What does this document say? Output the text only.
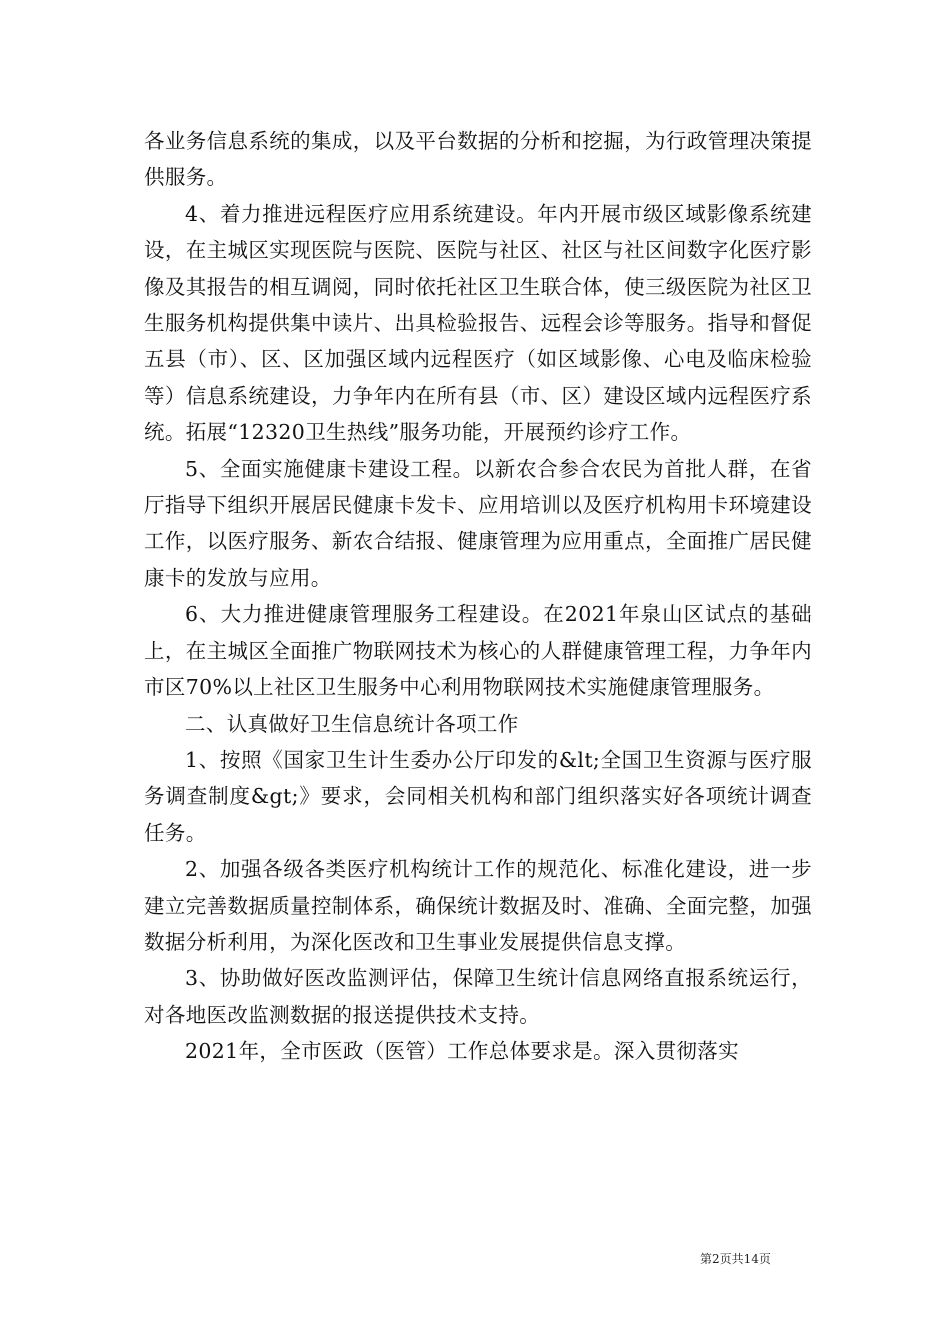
各业务信息系统的集成，以及平台数据的分析和挖掘，为行政管理决策提供服务。

4、着力推进远程医疗应用系统建设。年内开展市级区域影像系统建设，在主城区实现医院与医院、医院与社区、社区与社区间数字化医疗影像及其报告的相互调阅，同时依托社区卫生联合体，使三级医院为社区卫生服务机构提供集中读片、出具检验报告、远程会诊等服务。指导和督促五县（市）、区、区加强区域内远程医疗（如区域影像、心电及临床检验等）信息系统建设，力争年内在所有县（市、区）建设区域内远程医疗系统。拓展“12320卫生热线”服务功能，开展预约诊疗工作。

5、全面实施健康卡建设工程。以新农合参合农民为首批人群，在省厅指导下组织开展居民健康卡发卡、应用培训以及医疗机构用卡环境建设工作，以医疗服务、新农合结报、健康管理为应用重点，全面推广居民健康卡的发放与应用。

6、大力推进健康管理服务工程建设。在2021年泉山区试点的基础上，在主城区全面推广物联网技术为核心的人群健康管理工程，力争年内市区70%以上社区卫生服务中心利用物联网技术实施健康管理服务。

二、认真做好卫生信息统计各项工作

1、按照《国家卫生计生委办公厅印发的&lt;全国卫生资源与医疗服务调查制度&gt;》要求，会同相关机构和部门组织落实好各项统计调查任务。

2、加强各级各类医疗机构统计工作的规范化、标准化建设，进一步建立完善数据质量控制体系，确保统计数据及时、准确、全面完整，加强数据分析利用，为深化医改和卫生事业发展提供信息支撑。

3、协助做好医改监测评估，保障卫生统计信息网络直报系统运行，对各地医改监测数据的报送提供技术支持。

2021年，全市医政（医管）工作总体要求是。深入贯彻落实

第2页共14页
